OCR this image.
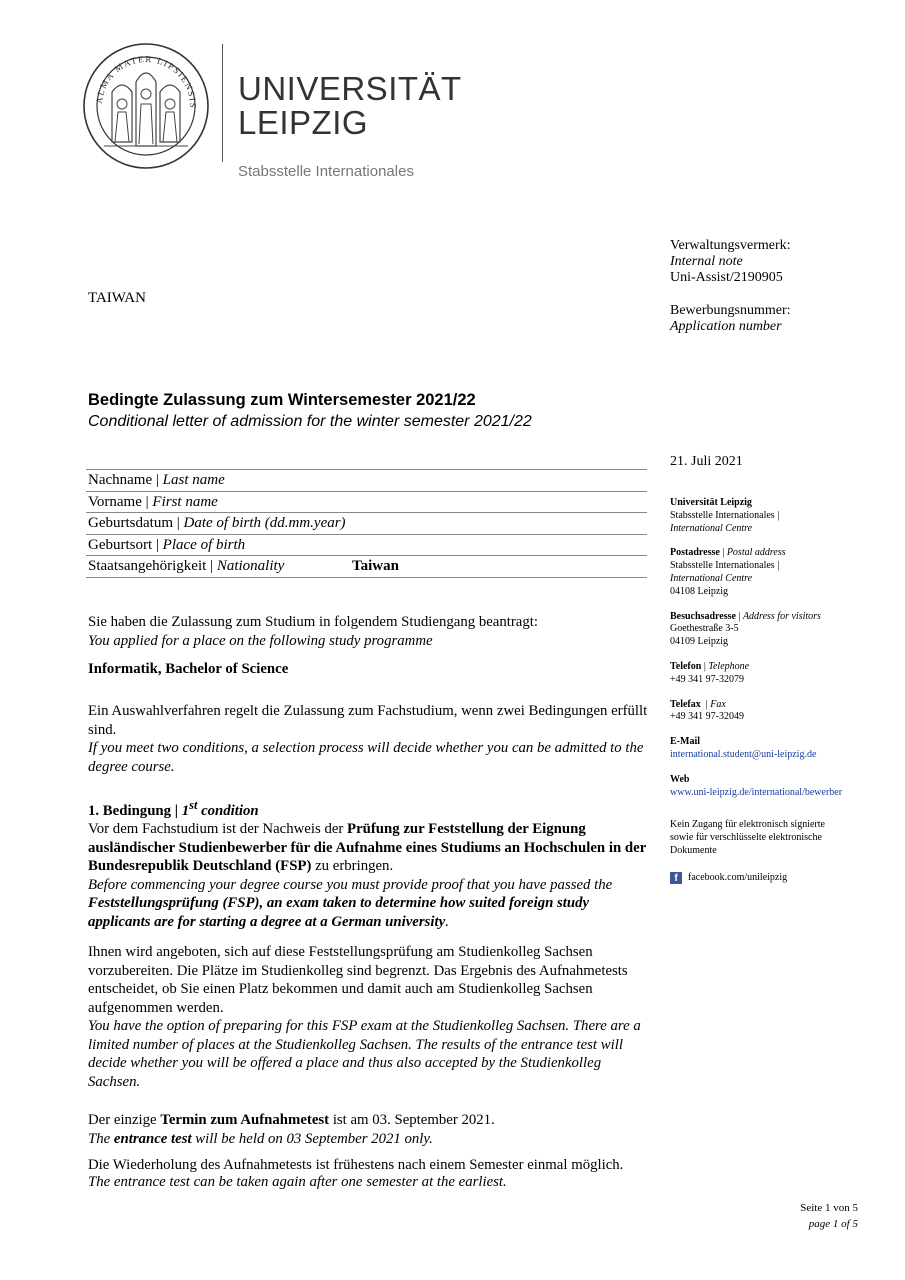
ALMA MATER LIPSIENSIS UNIVERSITÄT
LEIPZIG
Stabsstelle Internationales
TAIWAN
Verwaltungsvermerk:
Internal note
Uni-Assist/2190905
Bewerbungsnummer:
Application number
Bedingte Zulassung zum Wintersemester 2021/22
Conditional letter of admission for the winter semester 2021/22
21. Juli 2021
Nachname | Last name
Vorname | First name
Geburtsdatum | Date of birth (dd.mm.year)
Geburtsort | Place of birth
Staatsangehörigkeit | Nationality	Taiwan
Universität Leipzig
Stabsstelle Internationales |
International Centre
Postadresse | Postal address
Stabsstelle Internationales |
International Centre
04108 Leipzig
Besuchsadresse | Address for visitors
Goethestraße 3-5
04109 Leipzig
Telefon | Telephone
+49 341 97-32079
Telefax  | Fax
+49 341 97-32049
E-Mail
international.student@uni-leipzig.de
Web
www.uni-leipzig.de/international/bewerber
Kein Zugang für elektronisch signierte sowie für verschlüsselte elektronische Dokumente
f	facebook.com/unileipzig

Sie haben die Zulassung zum Studium in folgendem Studiengang beantragt:

You applied for a place on the following study programme

Informatik, Bachelor of Science

Ein Auswahlverfahren regelt die Zulassung zum Fachstudium, wenn zwei Bedingungen erfüllt sind.

If you meet two conditions, a selection process will decide whether you can be admitted to the degree course.

1. Bedingung | 1st condition

Vor dem Fachstudium ist der Nachweis der Prüfung zur Feststellung der Eignung ausländischer Studienbewerber für die Aufnahme eines Studiums an Hochschulen in der Bundesrepublik Deutschland (FSP) zu erbringen.

Before commencing your degree course you must provide proof that you have passed the Feststellungsprüfung (FSP), an exam taken to determine how suited foreign study applicants are for starting a degree at a German university.

Ihnen wird angeboten, sich auf diese Feststellungsprüfung am Studienkolleg Sachsen vorzubereiten. Die Plätze im Studienkolleg sind begrenzt. Das Ergebnis des Aufnahmetests entscheidet, ob Sie einen Platz bekommen und damit auch am Studienkolleg Sachsen aufgenommen werden.

You have the option of preparing for this FSP exam at the Studienkolleg Sachsen. There are a limited number of places at the Studienkolleg Sachsen. The results of the entrance test will decide whether you will be offered a place and thus also accepted by the Studienkolleg Sachsen.

Der einzige Termin zum Aufnahmetest ist am 03. September 2021.

The entrance test will be held on 03 September 2021 only.

Die Wiederholung des Aufnahmetests ist frühestens nach einem Semester einmal möglich.

The entrance test can be taken again after one semester at the earliest.

Seite 1 von 5
page 1 of 5
